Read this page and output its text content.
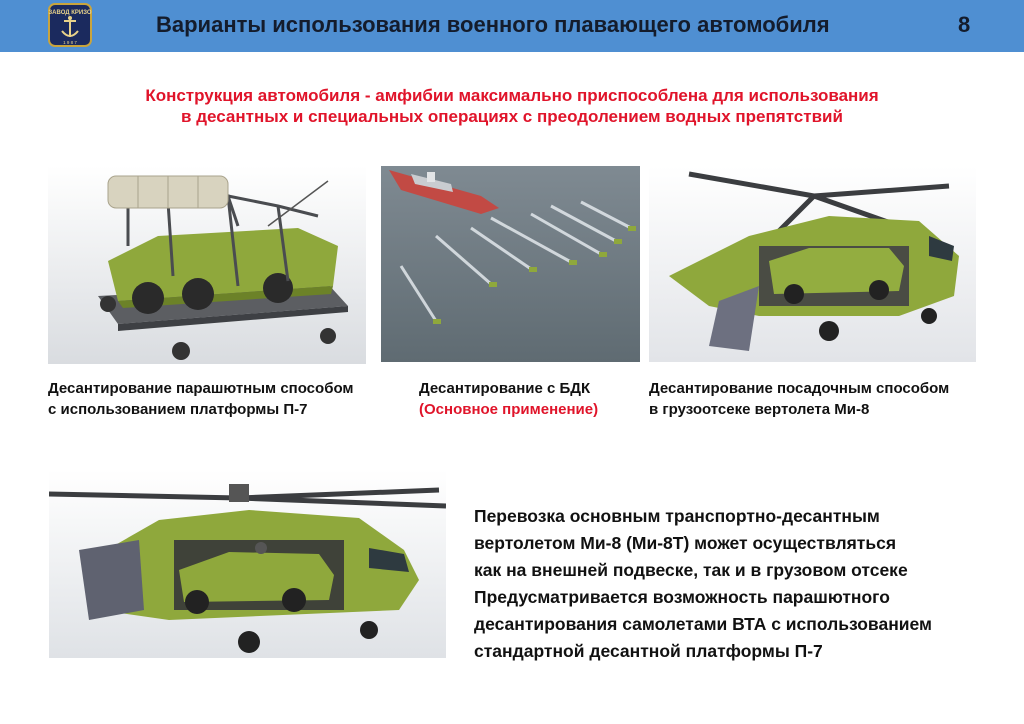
ЗАВОД КРИЗО
1 9 8 7
Варианты использования военного плавающего автомобиля	8
Конструкция автомобиля - амфибии максимально приспособлена для использования
в десантных и специальных операциях с преодолением водных препятствий
Десантирование парашютным способом
с использованием платформы П-7
Десантирование с БДК
(Основное применение)
Десантирование посадочным способом
в грузоотсеке вертолета Ми-8
Перевозка основным транспортно-десантным
вертолетом Ми-8 (Ми-8Т) может осуществляться
как на внешней подвеске, так и в грузовом отсеке
Предусматривается возможность парашютного
десантирования самолетами ВТА с использованием
стандартной десантной платформы П-7
